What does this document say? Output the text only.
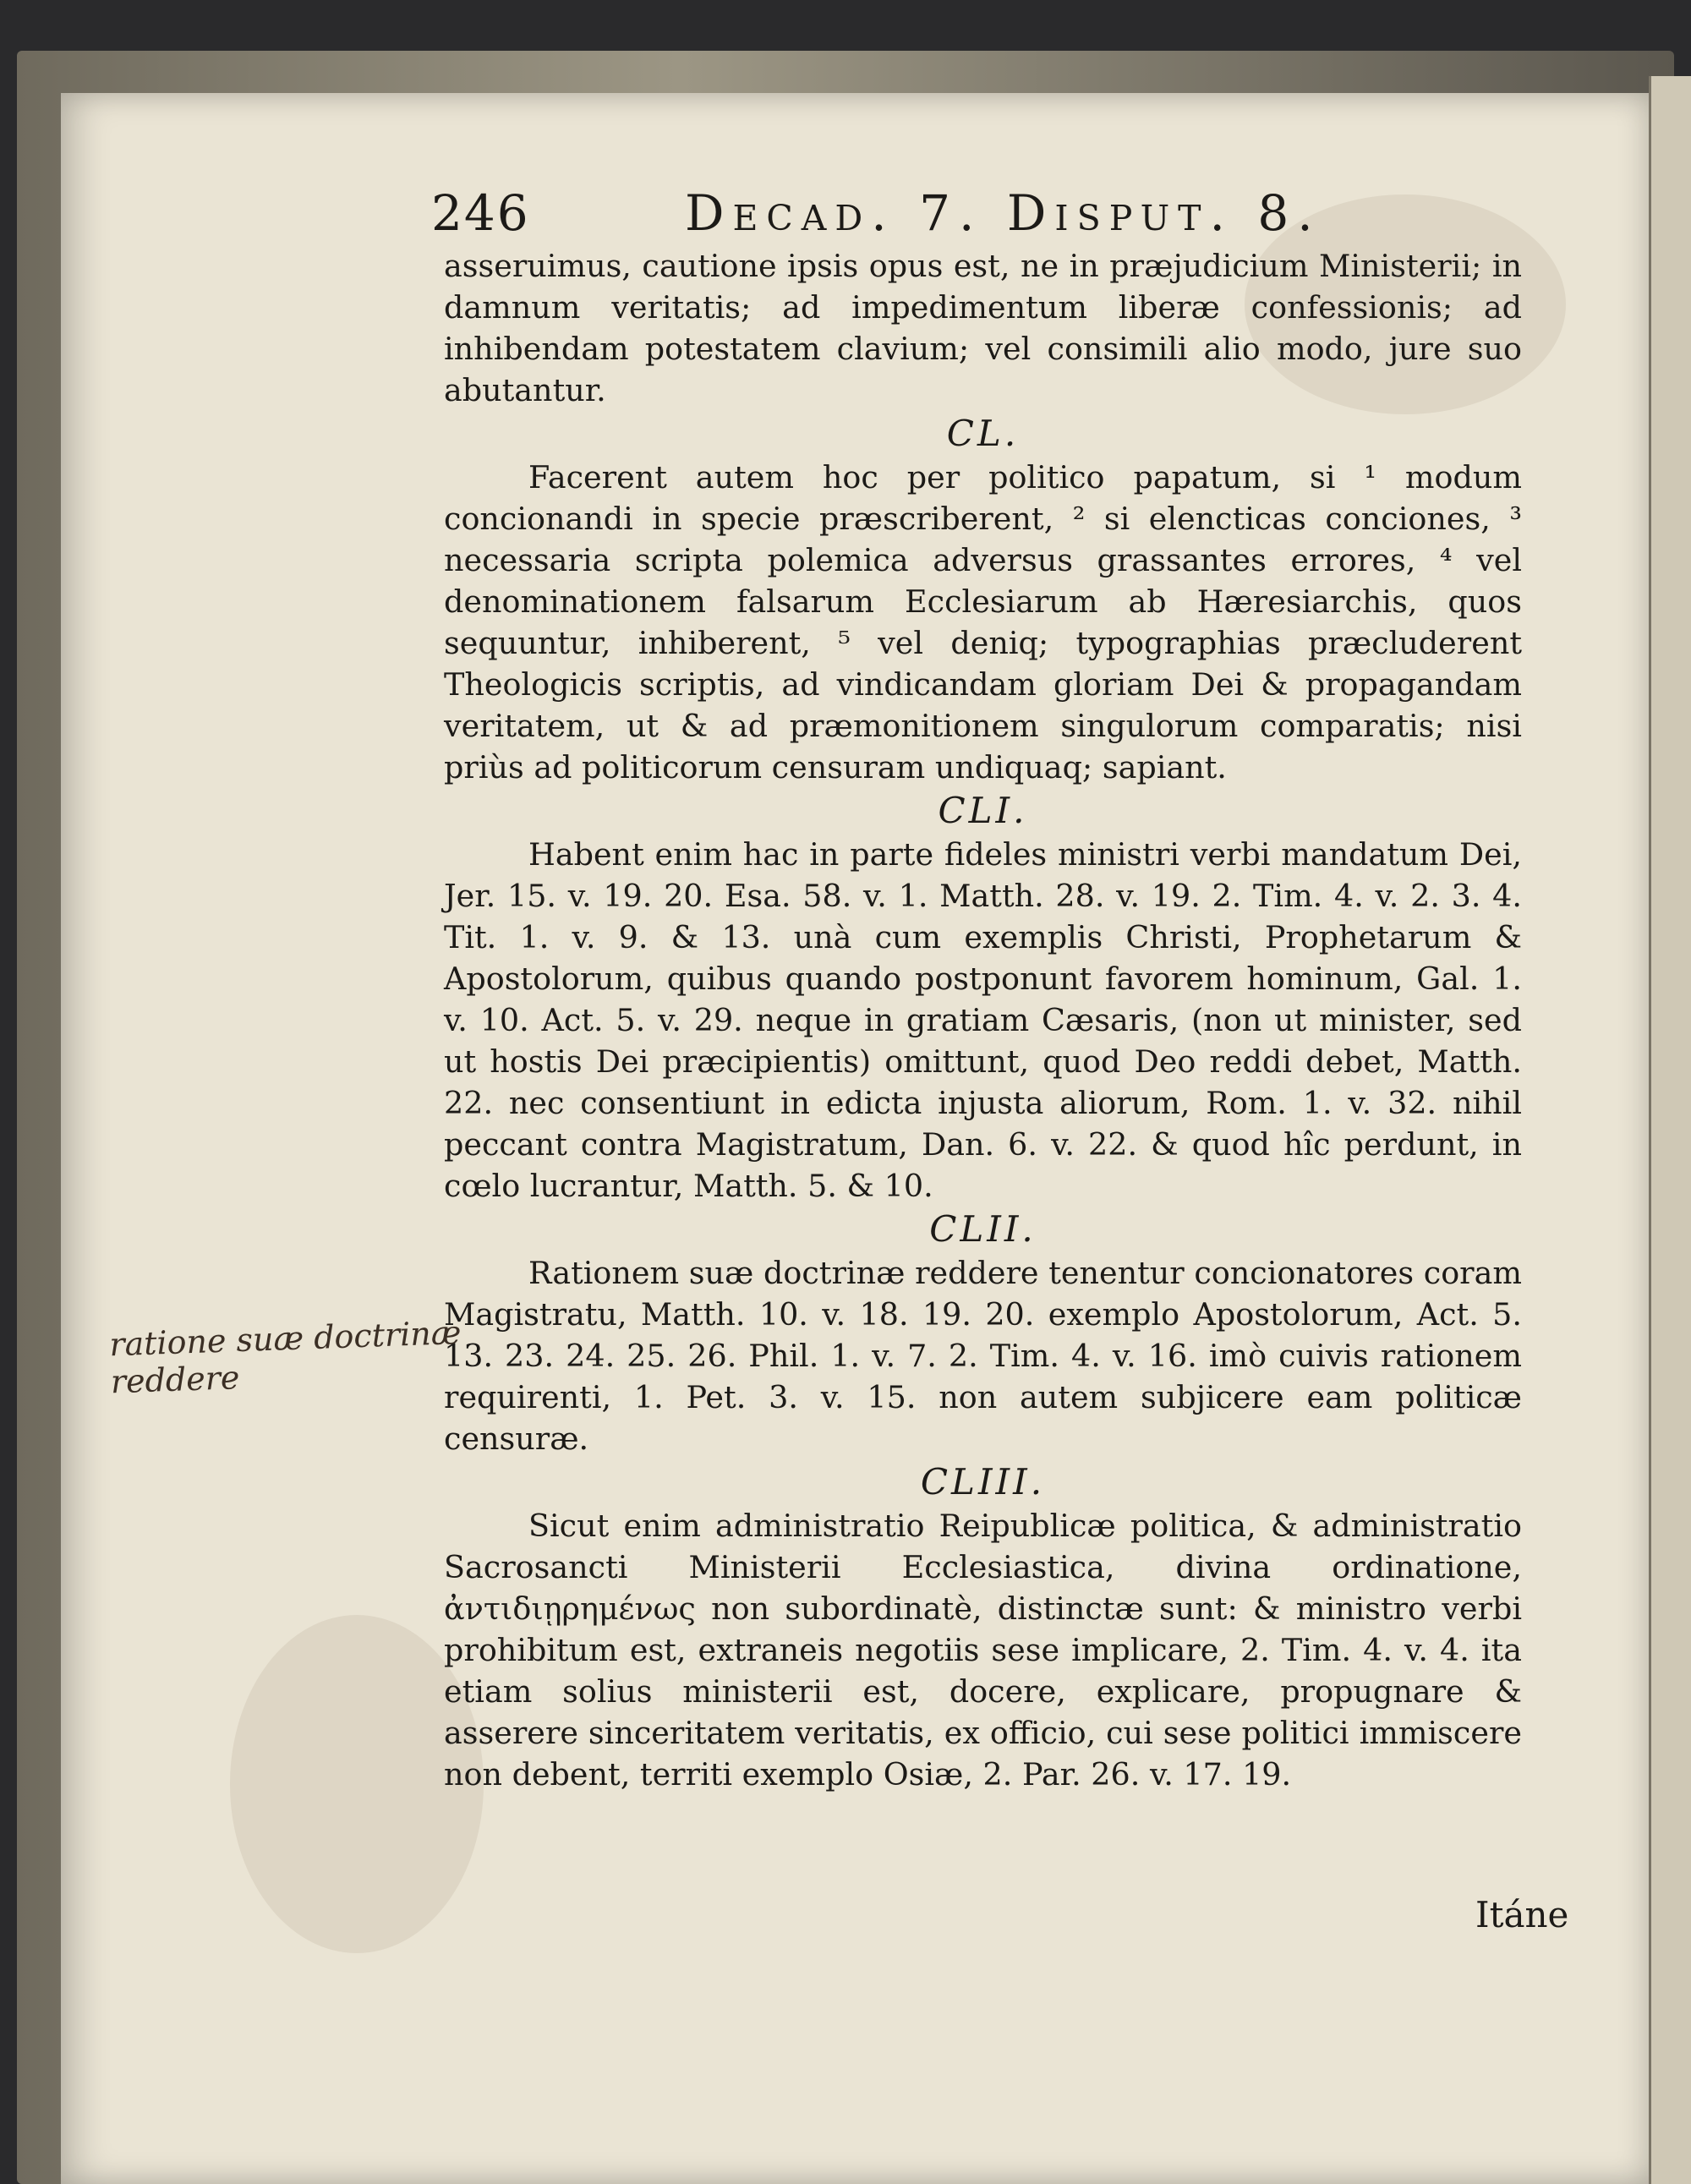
246	Decad. 7. Disput. 8.

asseruimus, cautione ipsis opus est, ne in præjudicium Ministerii; in damnum veritatis; ad impedimentum liberæ confessionis; ad inhibendam potestatem clavium; vel consimili alio modo, jure suo abutantur.

CL.

Facerent autem hoc per politico papatum, si ¹ modum concionandi in specie præscriberent, ² si elencticas conciones, ³ necessaria scripta polemica adversus grassantes errores, ⁴ vel denominationem falsarum Ecclesiarum ab Hæresiarchis, quos sequuntur, inhiberent, ⁵ vel deniq; typographias præcluderent Theologicis scriptis, ad vindicandam gloriam Dei & propagandam veritatem, ut & ad præmonitionem singulorum comparatis; nisi priùs ad politicorum censuram undiquaq; sapiant.

CLI.

Habent enim hac in parte fideles ministri verbi mandatum Dei, Jer. 15. v. 19. 20. Esa. 58. v. 1. Matth. 28. v. 19. 2. Tim. 4. v. 2. 3. 4. Tit. 1. v. 9. & 13. unà cum exemplis Christi, Prophetarum & Apostolorum, quibus quando postponunt favorem hominum, Gal. 1. v. 10. Act. 5. v. 29. neque in gratiam Cæsaris, (non ut minister, sed ut hostis Dei præcipientis) omittunt, quod Deo reddi debet, Matth. 22. nec consentiunt in edicta injusta aliorum, Rom. 1. v. 32. nihil peccant contra Magistratum, Dan. 6. v. 22. & quod hîc perdunt, in cœlo lucrantur, Matth. 5. & 10.

CLII.

Rationem suæ doctrinæ reddere tenentur concionatores coram Magistratu, Matth. 10. v. 18. 19. 20. exemplo Apostolorum, Act. 5. 13. 23. 24. 25. 26. Phil. 1. v. 7. 2. Tim. 4. v. 16. imò cuivis rationem requirenti, 1. Pet. 3. v. 15. non autem subjicere eam politicæ censuræ.

CLIII.

Sicut enim administratio Reipublicæ politica, & administratio Sacrosancti Ministerii Ecclesiastica, divina ordinatione, ἀντιδιῃρημένως non subordinatè, distinctæ sunt: & ministro verbi prohibitum est, extraneis negotiis sese implicare, 2. Tim. 4. v. 4. ita etiam solius ministerii est, docere, explicare, propugnare & asserere sinceritatem veritatis, ex officio, cui sese politici immiscere non debent, territi exemplo Osiæ, 2. Par. 26. v. 17. 19.

ratione suæ doctrinæ reddere
Itáne
